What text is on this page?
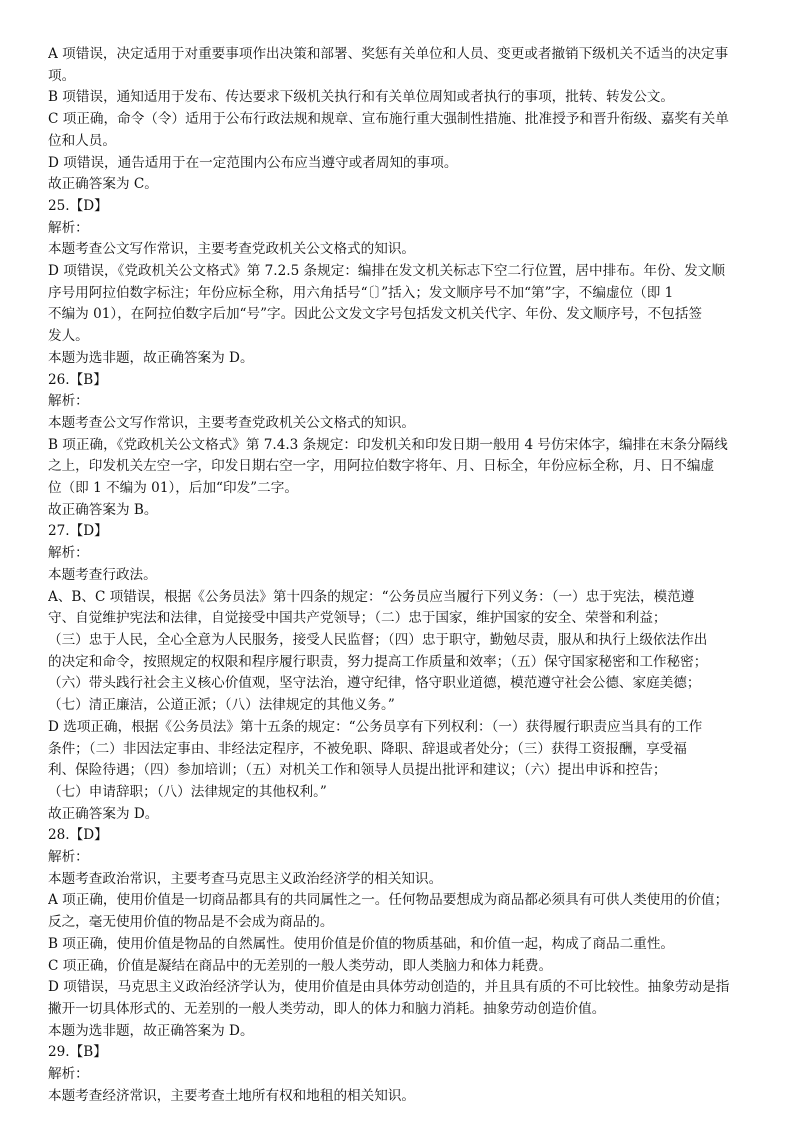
A 项错误，决定适用于对重要事项作出决策和部署、奖惩有关单位和人员、变更或者撤销下级机关不适当的决定事
项。
B 项错误，通知适用于发布、传达要求下级机关执行和有关单位周知或者执行的事项，批转、转发公文。
C 项正确，命令（令）适用于公布行政法规和规章、宣布施行重大强制性措施、批准授予和晋升衔级、嘉奖有关单
位和人员。
D 项错误，通告适用于在一定范围内公布应当遵守或者周知的事项。
故正确答案为 C。
25.【D】
解析：
本题考查公文写作常识，主要考查党政机关公文格式的知识。
D 项错误，《党政机关公文格式》第 7.2.5 条规定：编排在发文机关标志下空二行位置，居中排布。年份、发文顺
序号用阿拉伯数字标注；年份应标全称，用六角括号“〔〕”括入；发文顺序号不加“第”字，不编虚位（即 1
不编为 01），在阿拉伯数字后加“号”字。因此公文发文字号包括发文机关代字、年份、发文顺序号，不包括签
发人。
本题为选非题，故正确答案为 D。
26.【B】
解析：
本题考查公文写作常识，主要考查党政机关公文格式的知识。
B 项正确，《党政机关公文格式》第 7.4.3 条规定：印发机关和印发日期一般用 4 号仿宋体字，编排在末条分隔线
之上，印发机关左空一字，印发日期右空一字，用阿拉伯数字将年、月、日标全，年份应标全称，月、日不编虚
位（即 1 不编为 01），后加“印发”二字。
故正确答案为 B。
27.【D】
解析：
本题考查行政法。
A、B、C 项错误，根据《公务员法》第十四条的规定：“公务员应当履行下列义务：（一）忠于宪法，模范遵
守、自觉维护宪法和法律，自觉接受中国共产党领导；（二）忠于国家，维护国家的安全、荣誉和利益；
（三）忠于人民，全心全意为人民服务，接受人民监督；（四）忠于职守，勤勉尽责，服从和执行上级依法作出
的决定和命令，按照规定的权限和程序履行职责，努力提高工作质量和效率；（五）保守国家秘密和工作秘密；
（六）带头践行社会主义核心价值观，坚守法治，遵守纪律，恪守职业道德，模范遵守社会公德、家庭美德；
（七）清正廉洁，公道正派；（八）法律规定的其他义务。”
D 选项正确，根据《公务员法》第十五条的规定：“公务员享有下列权利：（一）获得履行职责应当具有的工作
条件；（二）非因法定事由、非经法定程序，不被免职、降职、辞退或者处分；（三）获得工资报酬，享受福
利、保险待遇；（四）参加培训；（五）对机关工作和领导人员提出批评和建议；（六）提出申诉和控告；
（七）申请辞职；（八）法律规定的其他权利。”
故正确答案为 D。
28.【D】
解析：
本题考查政治常识，主要考查马克思主义政治经济学的相关知识。
A 项正确，使用价值是一切商品都具有的共同属性之一。任何物品要想成为商品都必须具有可供人类使用的价值；
反之，毫无使用价值的物品是不会成为商品的。
B 项正确，使用价值是物品的自然属性。使用价值是价值的物质基础，和价值一起，构成了商品二重性。
C 项正确，价值是凝结在商品中的无差别的一般人类劳动，即人类脑力和体力耗费。
D 项错误，马克思主义政治经济学认为，使用价值是由具体劳动创造的，并且具有质的不可比较性。抽象劳动是指
撇开一切具体形式的、无差别的一般人类劳动，即人的体力和脑力消耗。抽象劳动创造价值。
本题为选非题，故正确答案为 D。
29.【B】
解析：
本题考查经济常识，主要考查土地所有权和地租的相关知识。
